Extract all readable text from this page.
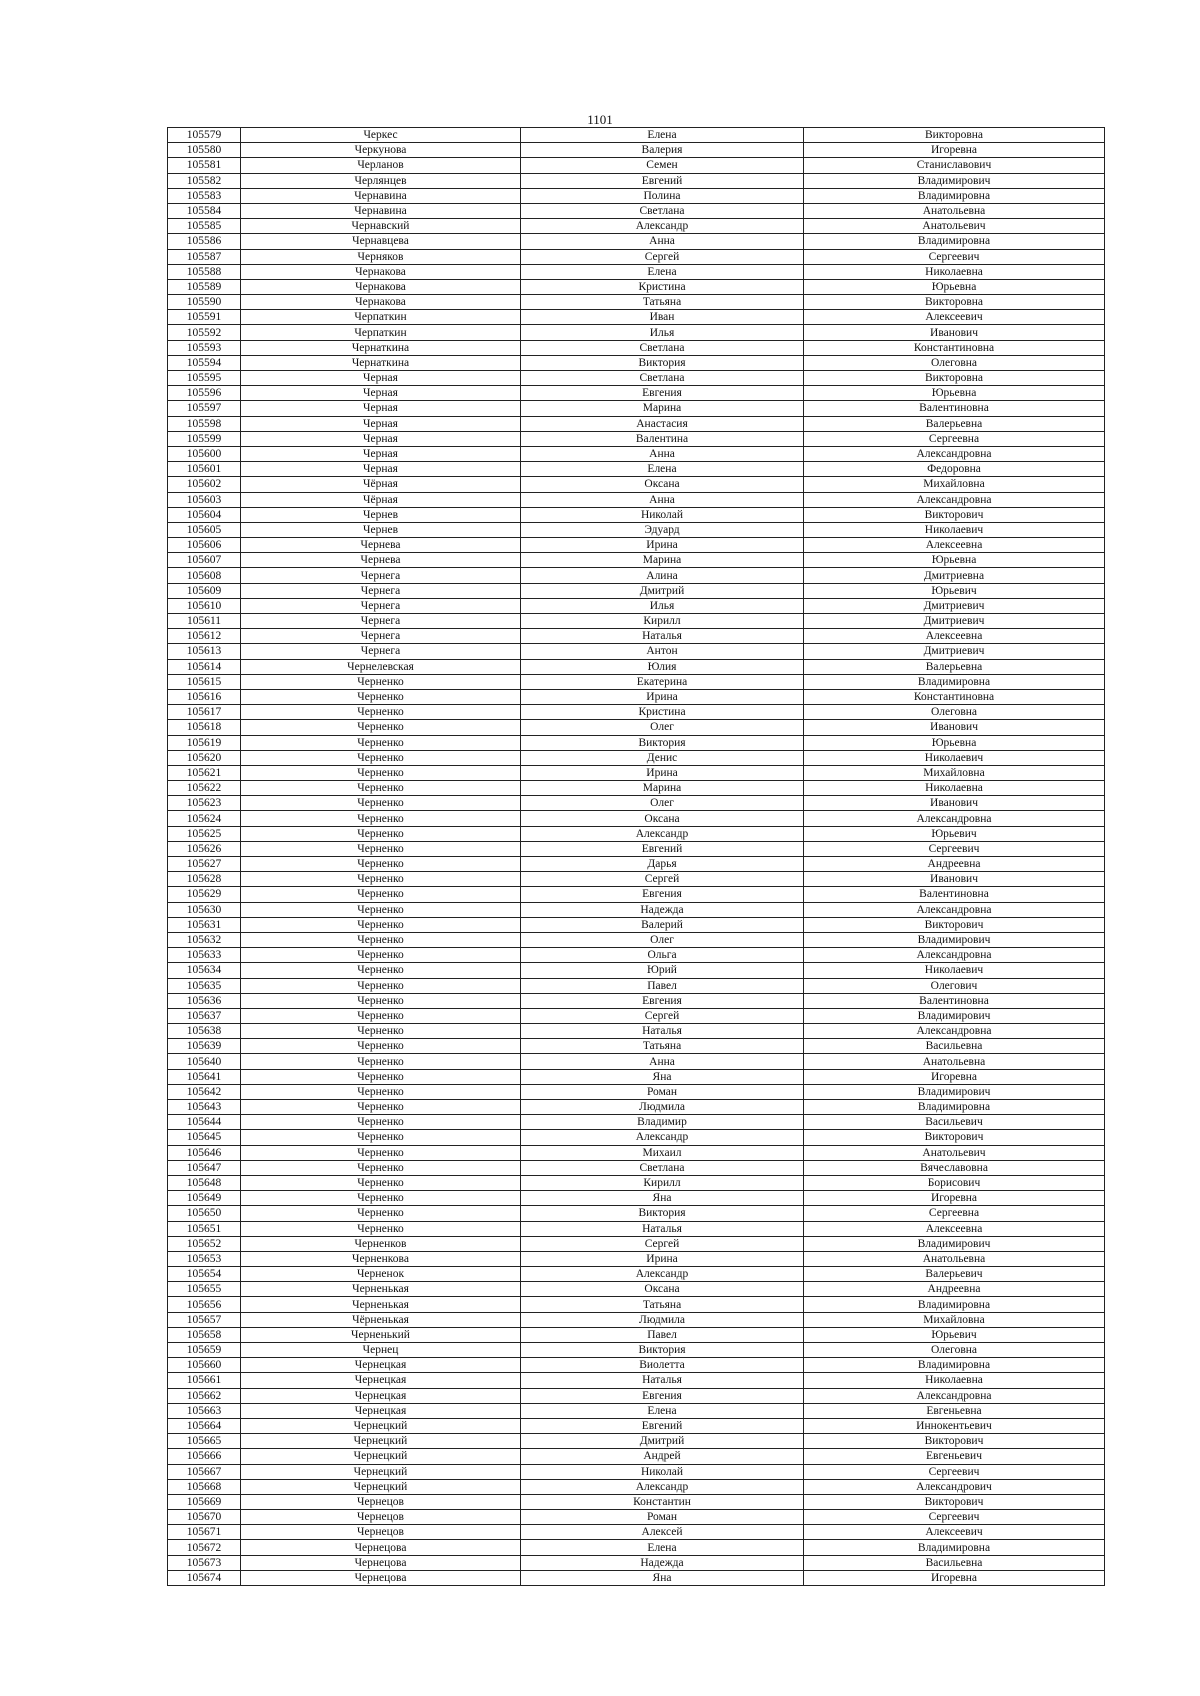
1101
105579	Черкес	Елена	Викторовна
105580	Черкунова	Валерия	Игоревна
105581	Черланов	Семен	Станиславович
105582	Черлянцев	Евгений	Владимирович
105583	Чернавина	Полина	Владимировна
105584	Чернавина	Светлана	Анатольевна
105585	Чернавский	Александр	Анатольевич
105586	Чернавцева	Анна	Владимировна
105587	Черняков	Сергей	Сергеевич
105588	Чернакова	Елена	Николаевна
105589	Чернакова	Кристина	Юрьевна
105590	Чернакова	Татьяна	Викторовна
105591	Черпаткин	Иван	Алексеевич
105592	Черпаткин	Илья	Иванович
105593	Чернаткина	Светлана	Константиновна
105594	Чернаткина	Виктория	Олеговна
105595	Черная	Светлана	Викторовна
105596	Черная	Евгения	Юрьевна
105597	Черная	Марина	Валентиновна
105598	Черная	Анастасия	Валерьевна
105599	Черная	Валентина	Сергеевна
105600	Черная	Анна	Александровна
105601	Черная	Елена	Федоровна
105602	Чёрная	Оксана	Михайловна
105603	Чёрная	Анна	Александровна
105604	Чернев	Николай	Викторович
105605	Чернев	Эдуард	Николаевич
105606	Чернева	Ирина	Алексеевна
105607	Чернева	Марина	Юрьевна
105608	Чернега	Алина	Дмитриевна
105609	Чернега	Дмитрий	Юрьевич
105610	Чернега	Илья	Дмитриевич
105611	Чернега	Кирилл	Дмитриевич
105612	Чернега	Наталья	Алексеевна
105613	Чернега	Антон	Дмитриевич
105614	Чернелевская	Юлия	Валерьевна
105615	Черненко	Екатерина	Владимировна
105616	Черненко	Ирина	Константиновна
105617	Черненко	Кристина	Олеговна
105618	Черненко	Олег	Иванович
105619	Черненко	Виктория	Юрьевна
105620	Черненко	Денис	Николаевич
105621	Черненко	Ирина	Михайловна
105622	Черненко	Марина	Николаевна
105623	Черненко	Олег	Иванович
105624	Черненко	Оксана	Александровна
105625	Черненко	Александр	Юрьевич
105626	Черненко	Евгений	Сергеевич
105627	Черненко	Дарья	Андреевна
105628	Черненко	Сергей	Иванович
105629	Черненко	Евгения	Валентиновна
105630	Черненко	Надежда	Александровна
105631	Черненко	Валерий	Викторович
105632	Черненко	Олег	Владимирович
105633	Черненко	Ольга	Александровна
105634	Черненко	Юрий	Николаевич
105635	Черненко	Павел	Олегович
105636	Черненко	Евгения	Валентиновна
105637	Черненко	Сергей	Владимирович
105638	Черненко	Наталья	Александровна
105639	Черненко	Татьяна	Васильевна
105640	Черненко	Анна	Анатольевна
105641	Черненко	Яна	Игоревна
105642	Черненко	Роман	Владимирович
105643	Черненко	Людмила	Владимировна
105644	Черненко	Владимир	Васильевич
105645	Черненко	Александр	Викторович
105646	Черненко	Михаил	Анатольевич
105647	Черненко	Светлана	Вячеславовна
105648	Черненко	Кирилл	Борисович
105649	Черненко	Яна	Игоревна
105650	Черненко	Виктория	Сергеевна
105651	Черненко	Наталья	Алексеевна
105652	Черненков	Сергей	Владимирович
105653	Черненкова	Ирина	Анатольевна
105654	Черненок	Александр	Валерьевич
105655	Черненькая	Оксана	Андреевна
105656	Черненькая	Татьяна	Владимировна
105657	Чёрненькая	Людмила	Михайловна
105658	Черненький	Павел	Юрьевич
105659	Чернец	Виктория	Олеговна
105660	Чернецкая	Виолетта	Владимировна
105661	Чернецкая	Наталья	Николаевна
105662	Чернецкая	Евгения	Александровна
105663	Чернецкая	Елена	Евгеньевна
105664	Чернецкий	Евгений	Иннокентьевич
105665	Чернецкий	Дмитрий	Викторович
105666	Чернецкий	Андрей	Евгеньевич
105667	Чернецкий	Николай	Сергеевич
105668	Чернецкий	Александр	Александрович
105669	Чернецов	Константин	Викторович
105670	Чернецов	Роман	Сергеевич
105671	Чернецов	Алексей	Алексеевич
105672	Чернецова	Елена	Владимировна
105673	Чернецова	Надежда	Васильевна
105674	Чернецова	Яна	Игоревна
